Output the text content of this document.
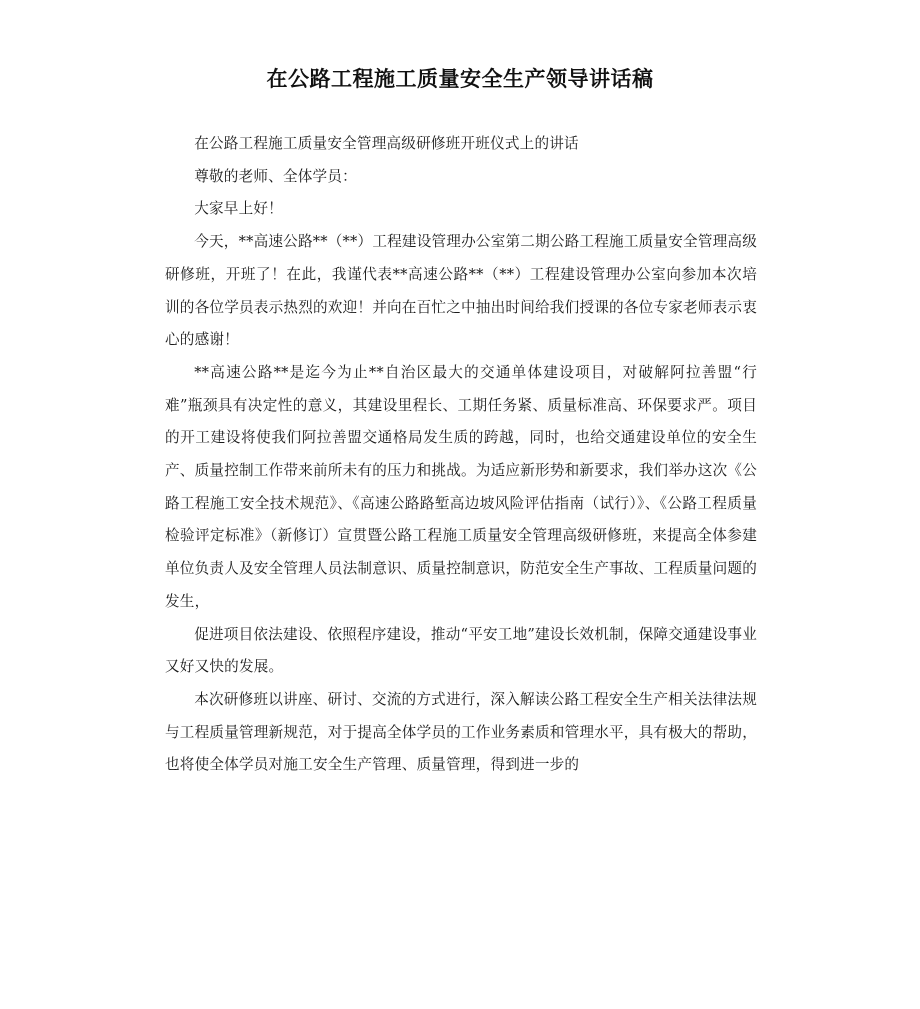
在公路工程施工质量安全生产领导讲话稿

在公路工程施工质量安全管理高级研修班开班仪式上的讲话

尊敬的老师、全体学员：

大家早上好！

今天，**高速公路**（**）工程建设管理办公室第二期公路工程施工质量安全管理高级研修班，开班了！在此，我谨代表**高速公路**（**）工程建设管理办公室向参加本次培训的各位学员表示热烈的欢迎！并向在百忙之中抽出时间给我们授课的各位专家老师表示衷心的感谢！

**高速公路**是迄今为止**自治区最大的交通单体建设项目，对破解阿拉善盟“行难”瓶颈具有决定性的意义，其建设里程长、工期任务紧、质量标准高、环保要求严。项目的开工建设将使我们阿拉善盟交通格局发生质的跨越，同时，也给交通建设单位的安全生产、质量控制工作带来前所未有的压力和挑战。为适应新形势和新要求，我们举办这次《公路工程施工安全技术规范》、《高速公路路堑高边坡风险评估指南（试行）》、《公路工程质量检验评定标准》（新修订）宣贯暨公路工程施工质量安全管理高级研修班，来提高全体参建单位负责人及安全管理人员法制意识、质量控制意识，防范安全生产事故、工程质量问题的发生，

促进项目依法建设、依照程序建设，推动“平安工地”建设长效机制，保障交通建设事业又好又快的发展。

本次研修班以讲座、研讨、交流的方式进行，深入解读公路工程安全生产相关法律法规与工程质量管理新规范，对于提高全体学员的工作业务素质和管理水平，具有极大的帮助，也将使全体学员对施工安全生产管理、质量管理，得到进一步的
